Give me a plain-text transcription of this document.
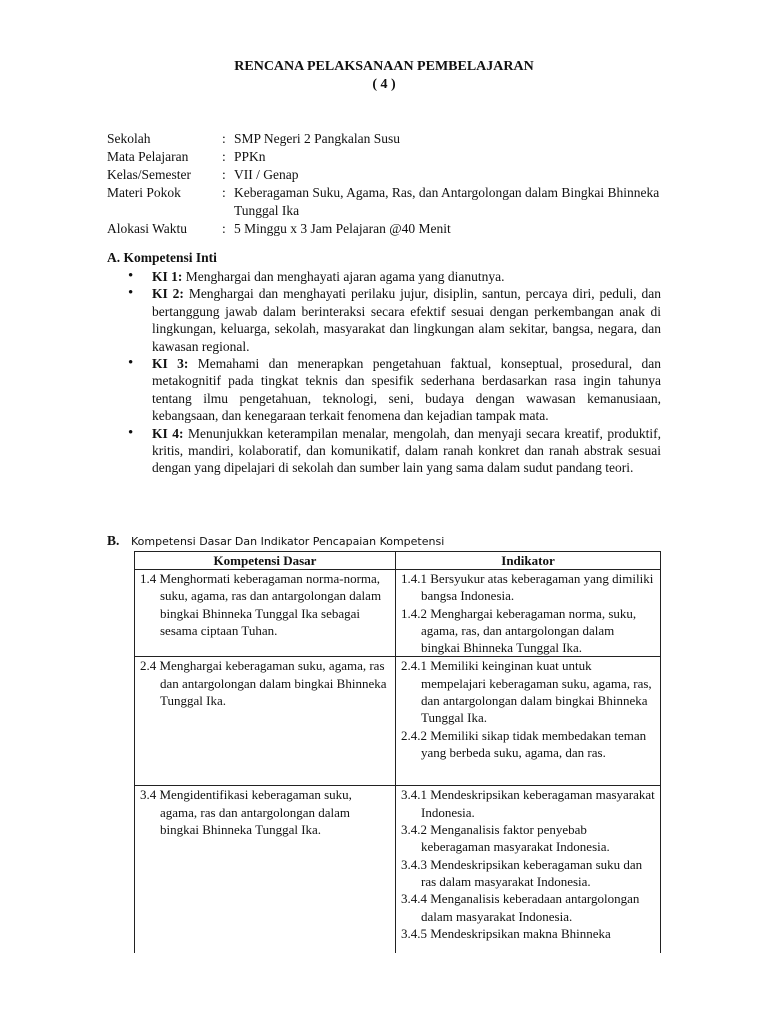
RENCANA PELAKSANAAN PEMBELAJARAN
( 4 )
Sekolah	: SMP Negeri 2 Pangkalan Susu
Mata Pelajaran	: PPKn
Kelas/Semester	: VII / Genap
Materi Pokok	: Keberagaman Suku, Agama, Ras, dan Antargolongan dalam Bingkai Bhinneka Tunggal Ika
Alokasi Waktu	: 5 Minggu x 3 Jam Pelajaran @40 Menit
A. Kompetensi Inti
• KI 1: Menghargai dan menghayati ajaran agama yang dianutnya.
• KI 2: Menghargai dan menghayati perilaku jujur, disiplin, santun, percaya diri, peduli, dan bertanggung jawab dalam berinteraksi secara efektif sesuai dengan perkembangan anak di lingkungan, keluarga, sekolah, masyarakat dan lingkungan alam sekitar, bangsa, negara, dan kawasan regional.
• KI 3: Memahami dan menerapkan pengetahuan faktual, konseptual, prosedural, dan metakognitif pada tingkat teknis dan spesifik sederhana berdasarkan rasa ingin tahunya tentang ilmu pengetahuan, teknologi, seni, budaya dengan wawasan kemanusiaan, kebangsaan, dan kenegaraan terkait fenomena dan kejadian tampak mata.
• KI 4: Menunjukkan keterampilan menalar, mengolah, dan menyaji secara kreatif, produktif, kritis, mandiri, kolaboratif, dan komunikatif, dalam ranah konkret dan ranah abstrak sesuai dengan yang dipelajari di sekolah dan sumber lain yang sama dalam sudut pandang teori.
B.	Kompetensi Dasar Dan Indikator Pencapaian Kompetensi
Kompetensi Dasar	Indikator

1.4 Menghormati keberagaman norma-norma, suku, agama, ras dan antargolongan dalam bingkai Bhinneka Tunggal Ika sebagai sesama ciptaan Tuhan.	1.4.1 Bersyukur atas keberagaman yang dimiliki bangsa Indonesia.
1.4.2 Menghargai keberagaman norma, suku, agama, ras, dan antargolongan dalam bingkai Bhinneka Tunggal Ika.

2.4 Menghargai keberagaman suku, agama, ras dan antargolongan dalam bingkai Bhinneka Tunggal Ika.	2.4.1 Memiliki keinginan kuat untuk mempelajari keberagaman suku, agama, ras, dan antargolongan dalam bingkai Bhinneka Tunggal Ika.
2.4.2 Memiliki sikap tidak membedakan teman yang berbeda suku, agama, dan ras.

3.4 Mengidentifikasi keberagaman suku, agama, ras dan antargolongan dalam bingkai Bhinneka Tunggal Ika.	3.4.1 Mendeskripsikan keberagaman masyarakat Indonesia.
3.4.2 Menganalisis faktor penyebab keberagaman masyarakat Indonesia.
3.4.3 Mendeskripsikan keberagaman suku dan ras dalam masyarakat Indonesia.
3.4.4 Menganalisis keberadaan antargolongan dalam masyarakat Indonesia.
3.4.5 Mendeskripsikan makna Bhinneka
